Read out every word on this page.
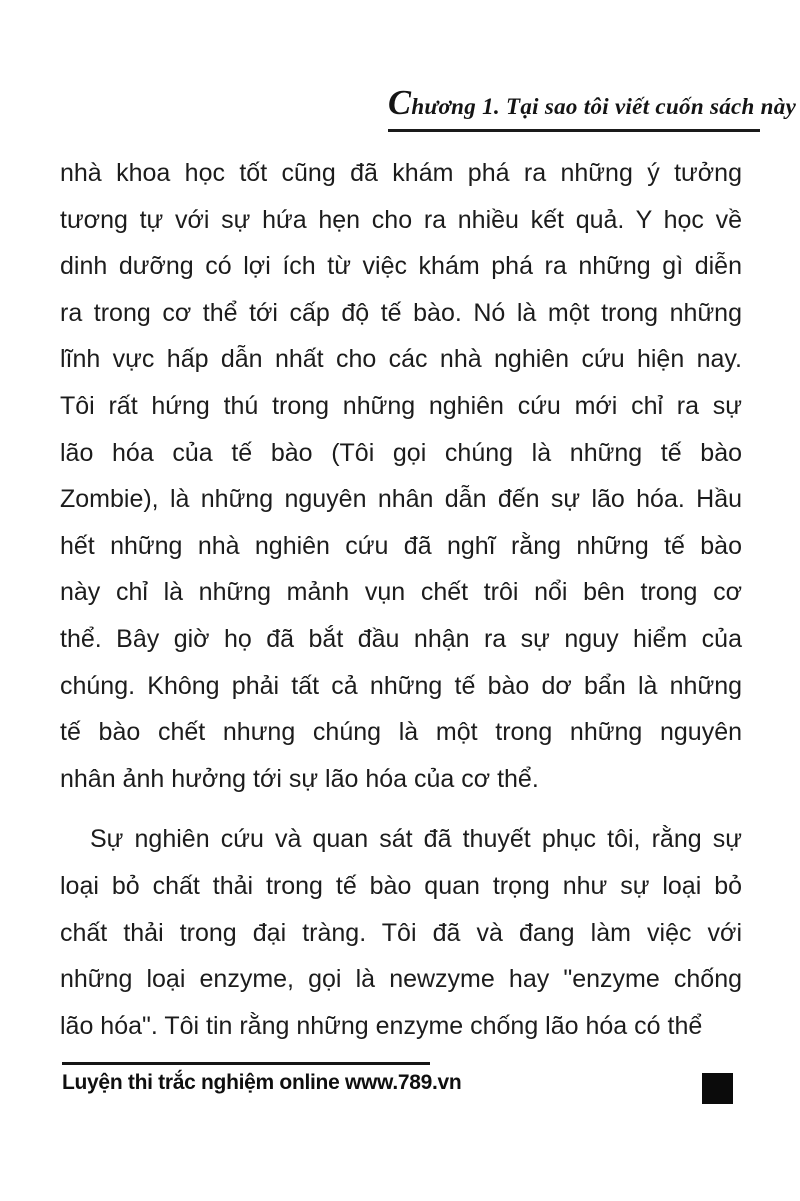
Chương 1. Tại sao tôi viết cuốn sách này
nhà khoa học tốt cũng đã khám phá ra những ý tưởng
tương tự với sự hứa hẹn cho ra nhiều kết quả. Y học về
dinh dưỡng có lợi ích từ việc khám phá ra những gì diễn
ra trong cơ thể tới cấp độ tế bào. Nó là một trong những
lĩnh vực hấp dẫn nhất cho các nhà nghiên cứu hiện nay.
Tôi rất hứng thú trong những nghiên cứu mới chỉ ra sự
lão hóa của tế bào (Tôi gọi chúng là những tế bào
Zombie), là những nguyên nhân dẫn đến sự lão hóa. Hầu
hết những nhà nghiên cứu đã nghĩ rằng những tế bào
này chỉ là những mảnh vụn chết trôi nổi bên trong cơ
thể. Bây giờ họ đã bắt đầu nhận ra sự nguy hiểm của
chúng. Không phải tất cả những tế bào dơ bẩn là những
tế bào chết nhưng chúng là một trong những nguyên
nhân ảnh hưởng tới sự lão hóa của cơ thể.
Sự nghiên cứu và quan sát đã thuyết phục tôi, rằng sự
loại bỏ chất thải trong tế bào quan trọng như sự loại bỏ
chất thải trong đại tràng. Tôi đã và đang làm việc với
những loại enzyme, gọi là newzyme hay "enzyme chống
lão hóa". Tôi tin rằng những enzyme chống lão hóa có thể
Luyện thi trắc nghiệm online www.789.vn
